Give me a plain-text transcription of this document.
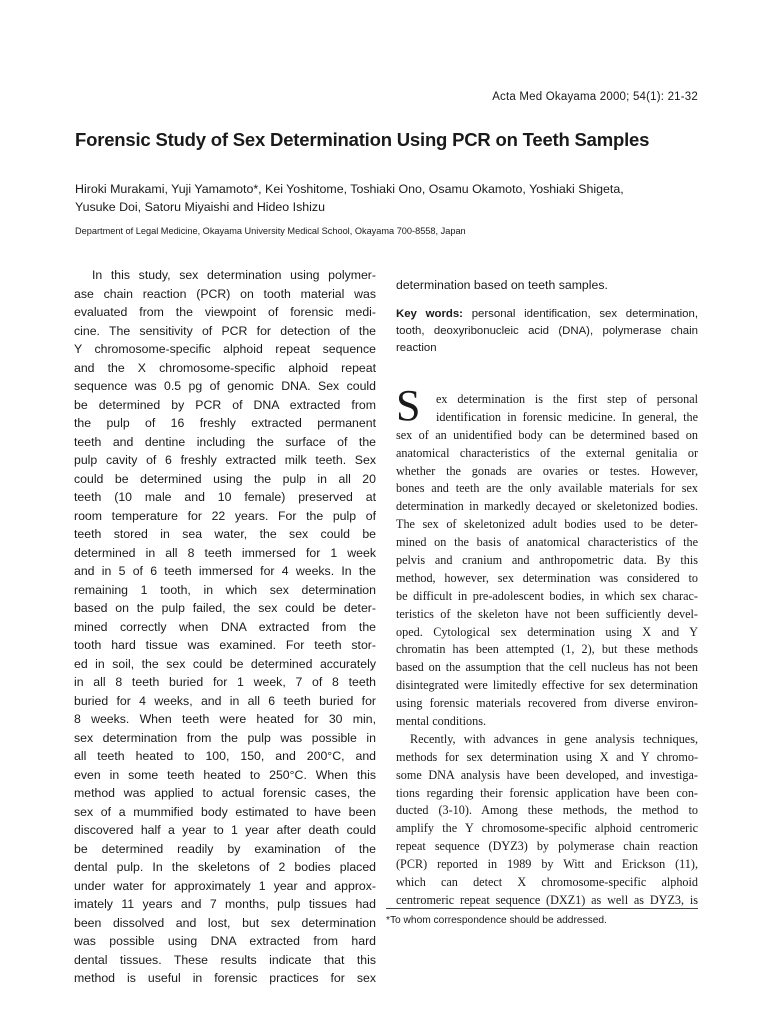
Acta Med Okayama 2000; 54(1): 21-32
Forensic Study of Sex Determination Using PCR on Teeth Samples
Hiroki Murakami, Yuji Yamamoto*, Kei Yoshitome, Toshiaki Ono, Osamu Okamoto, Yoshiaki Shigeta,
Yusuke Doi, Satoru Miyaishi and Hideo Ishizu
Department of Legal Medicine, Okayama University Medical School, Okayama 700-8558, Japan
In this study, sex determination using polymer-
ase chain reaction (PCR) on tooth material was
evaluated from the viewpoint of forensic medi-
cine. The sensitivity of PCR for detection of the
Y chromosome-specific alphoid repeat sequence
and the X chromosome-specific alphoid repeat
sequence was 0.5 pg of genomic DNA. Sex could
be determined by PCR of DNA extracted from
the pulp of 16 freshly extracted permanent
teeth and dentine including the surface of the
pulp cavity of 6 freshly extracted milk teeth. Sex
could be determined using the pulp in all 20
teeth (10 male and 10 female) preserved at
room temperature for 22 years. For the pulp of
teeth stored in sea water, the sex could be
determined in all 8 teeth immersed for 1 week
and in 5 of 6 teeth immersed for 4 weeks. In the
remaining 1 tooth, in which sex determination
based on the pulp failed, the sex could be deter-
mined correctly when DNA extracted from the
tooth hard tissue was examined. For teeth stor-
ed in soil, the sex could be determined accurately
in all 8 teeth buried for 1 week, 7 of 8 teeth
buried for 4 weeks, and in all 6 teeth buried for
8 weeks. When teeth were heated for 30 min,
sex determination from the pulp was possible in
all teeth heated to 100, 150, and 200°C, and
even in some teeth heated to 250°C. When this
method was applied to actual forensic cases, the
sex of a mummified body estimated to have been
discovered half a year to 1 year after death could
be determined readily by examination of the
dental pulp. In the skeletons of 2 bodies placed
under water for approximately 1 year and approx-
imately 11 years and 7 months, pulp tissues had
been dissolved and lost, but sex determination
was possible using DNA extracted from hard
dental tissues. These results indicate that this
method is useful in forensic practices for sex
determination based on teeth samples.
Key words: personal identification, sex determination,
tooth, deoxyribonucleic acid (DNA), polymerase chain
reaction
S	ex determination is the first step of personal
identification in forensic medicine. In general, the
sex of an unidentified body can be determined based on
anatomical characteristics of the external genitalia or
whether the gonads are ovaries or testes. However,
bones and teeth are the only available materials for sex
determination in markedly decayed or skeletonized bodies.
The sex of skeletonized adult bodies used to be deter-
mined on the basis of anatomical characteristics of the
pelvis and cranium and anthropometric data. By this
method, however, sex determination was considered to
be difficult in pre-adolescent bodies, in which sex charac-
teristics of the skeleton have not been sufficiently devel-
oped. Cytological sex determination using X and Y
chromatin has been attempted (1, 2), but these methods
based on the assumption that the cell nucleus has not been
disintegrated were limitedly effective for sex determination
using forensic materials recovered from diverse environ-
mental conditions.
Recently, with advances in gene analysis techniques,
methods for sex determination using X and Y chromo-
some DNA analysis have been developed, and investiga-
tions regarding their forensic application have been con-
ducted (3-10). Among these methods, the method to
amplify the Y chromosome-specific alphoid centromeric
repeat sequence (DYZ3) by polymerase chain reaction
(PCR) reported in 1989 by Witt and Erickson (11),
which can detect X chromosome-specific alphoid
centromeric repeat sequence (DXZ1) as well as DYZ3, is
*To whom correspondence should be addressed.
